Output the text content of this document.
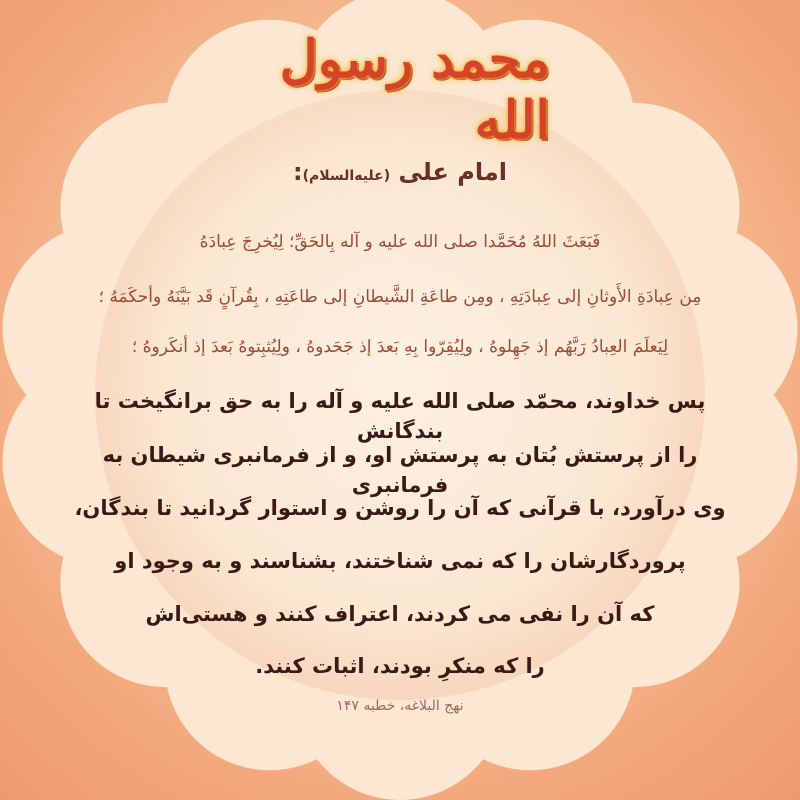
محمد رسول الله
امام علی (علیه‌السلام):
فَبَعَثَ اللهُ مُحَمَّدا صلی الله علیه و آله بِالحَقِّ؛ لِیُخرِجَ عِبادَهُ
مِن عِبادَةِ الأَوثانِ إلی عِبادَتِهِ ، ومِن طاعَةِ الشَّیطانِ إلی طاعَتِهِ ، بِقُرآنٍ قَد بَیَّنَهُ وأحكَمَهُ ؛
لِیَعلَمَ العِبادُ رَبَّهُم إذ جَهِلوهُ ، ولِیُقِرّوا بِهِ بَعدَ إذ جَحَدوهُ ، ولِیُثبِتوهُ بَعدَ إذ أنكَروهُ ؛
پس خداوند، محمّد صلی الله علیه و آله را به حق برانگیخت تا بندگانش
را از پرستش بُتان به پرستش او، و از فرمانبری شیطان به فرمانبری
وی درآورد، با قرآنی که آن را روشن و استوار گردانید تا بندگان،
پروردگارشان را که نمی شناختند، بشناسند و به وجود او
که آن را نفی می کردند، اعتراف کنند و هستی‌اش
را که منکرِ بودند، اثبات کنند.
نهج البلاغه، خطبه ۱۴۷
